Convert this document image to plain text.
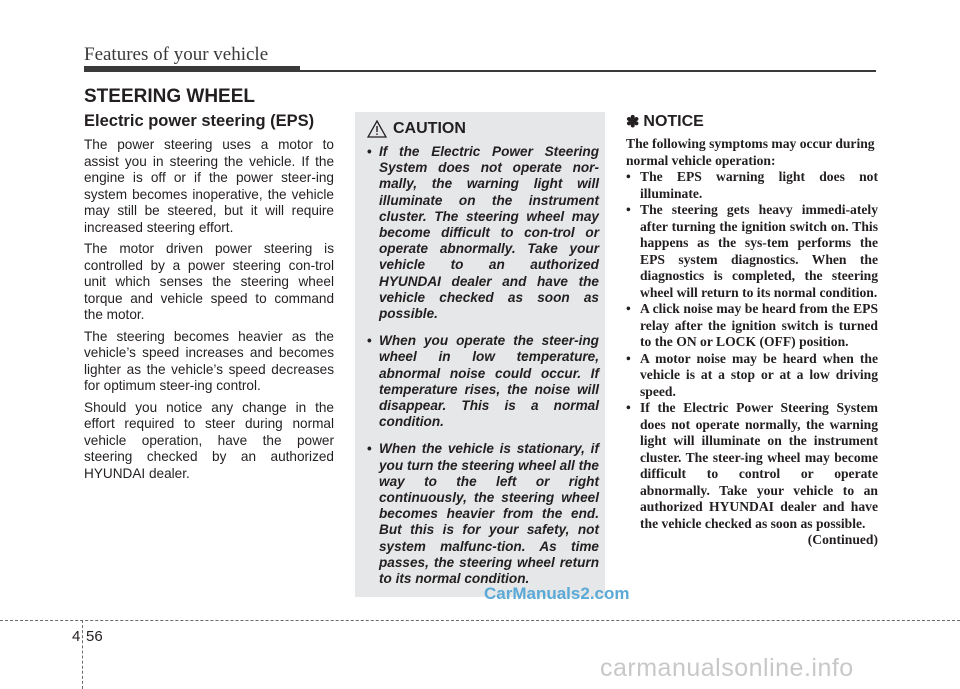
Features of your vehicle
STEERING WHEEL
Electric power steering (EPS)

The power steering uses a motor to assist you in steering the vehicle. If the engine is off or if the power steer-ing system becomes inoperative, the vehicle may still be steered, but it will require increased steering effort.

The motor driven power steering is controlled by a power steering con-trol unit which senses the steering wheel torque and vehicle speed to command the motor.

The steering becomes heavier as the vehicle’s speed increases and becomes lighter as the vehicle’s speed decreases for optimum steer-ing control.

Should you notice any change in the effort required to steer during normal vehicle operation, have the power steering checked by an authorized HYUNDAI dealer.

CAUTION
• If the Electric Power Steering System does not operate nor-mally, the warning light will illuminate on the instrument cluster. The steering wheel may become difficult to con-trol or operate abnormally. Take your vehicle to an authorized HYUNDAI dealer and have the vehicle checked as soon as possible.
• When you operate the steer-ing wheel in low temperature, abnormal noise could occur. If temperature rises, the noise will disappear. This is a normal condition.
• When the vehicle is stationary, if you turn the steering wheel all the way to the left or right continuously, the steering wheel becomes heavier from the end. But this is for your safety, not system malfunc-tion. As time passes, the steering wheel return to its normal condition.
✽ NOTICE

The following symptoms may occur during normal vehicle operation:

• The EPS warning light does not illuminate.
• The steering gets heavy immedi-ately after turning the ignition switch on. This happens as the sys-tem performs the EPS system diagnostics. When the diagnostics is completed, the steering wheel will return to its normal condition.
• A click noise may be heard from the EPS relay after the ignition switch is turned to the ON or LOCK (OFF) position.
• A motor noise may be heard when the vehicle is at a stop or at a low driving speed.
• If the Electric Power Steering System does not operate normally, the warning light will illuminate on the instrument cluster. The steer-ing wheel may become difficult to control or operate abnormally. Take your vehicle to an authorized HYUNDAI dealer and have the vehicle checked as soon as possible.
(Continued)
CarManuals2.com
4 56
carmanualsonline.info
